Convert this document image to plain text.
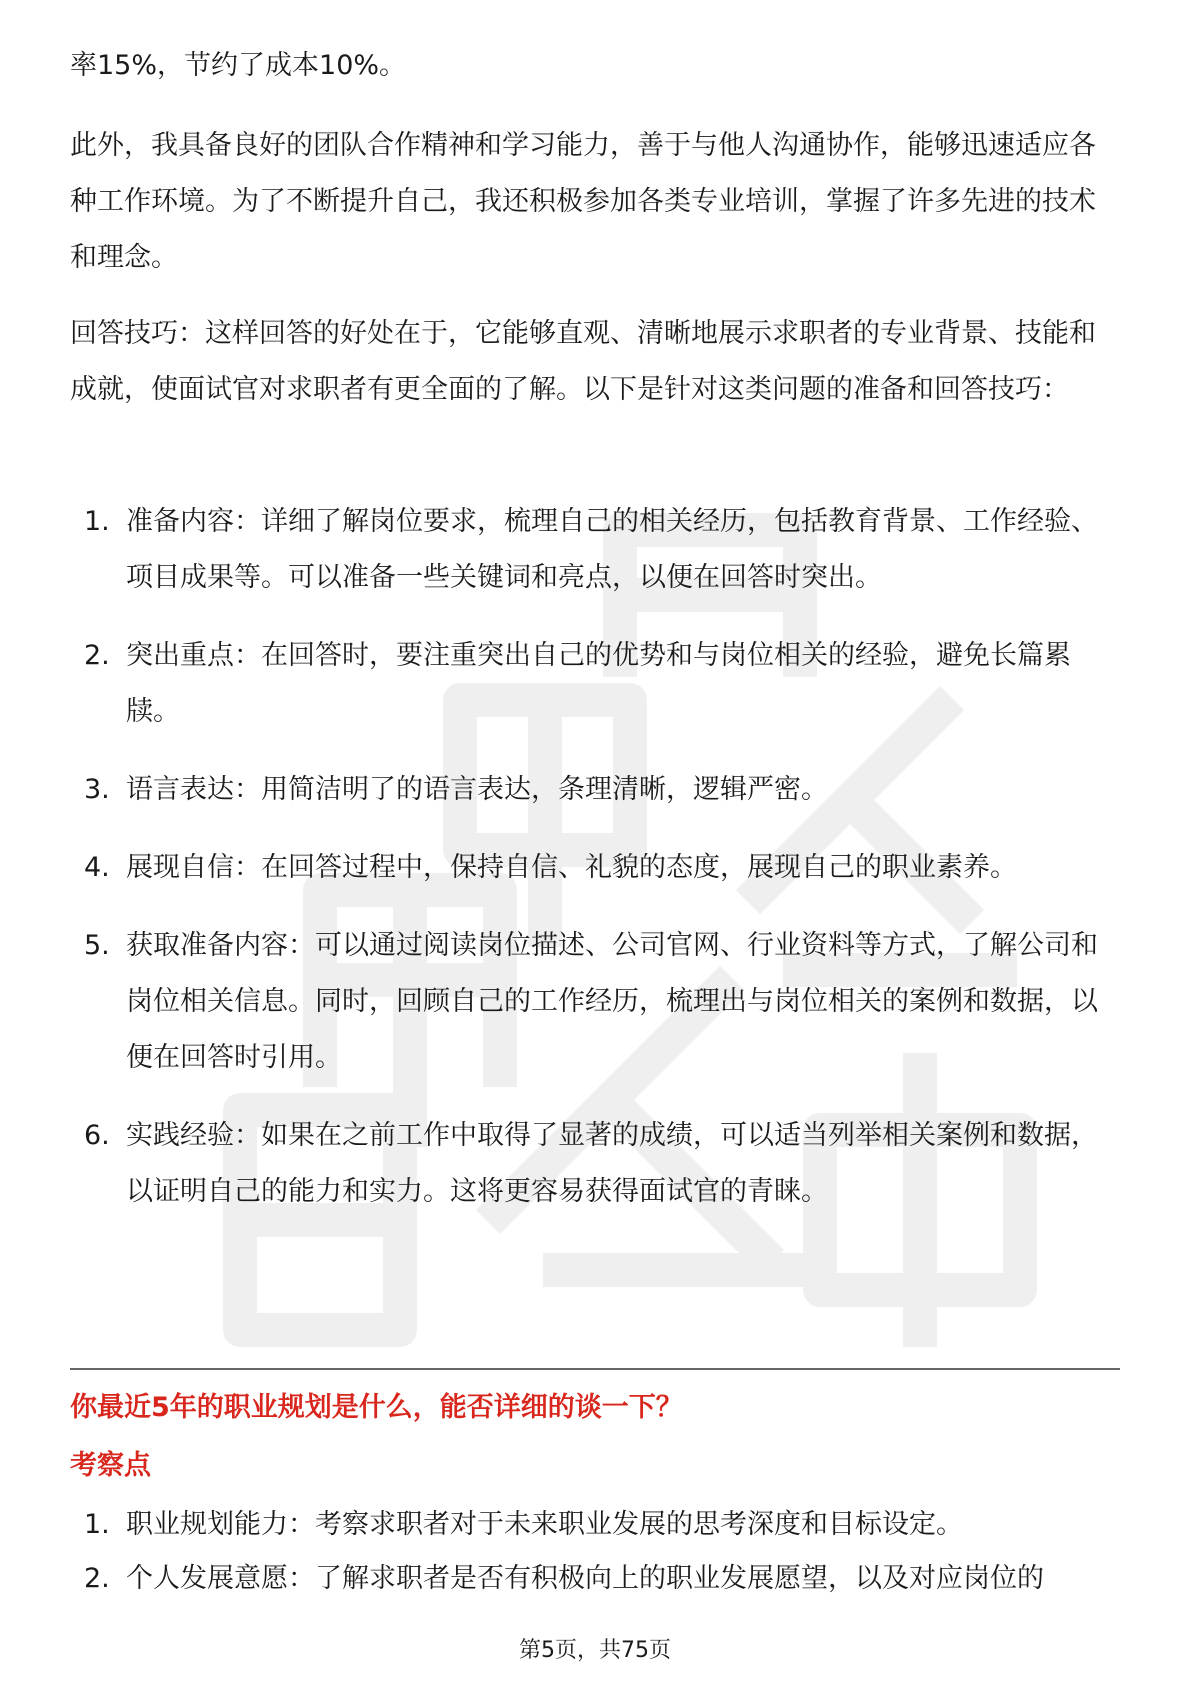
率15%，节约了成本10%。

此外，我具备良好的团队合作精神和学习能力，善于与他人沟通协作，能够迅速适应各种工作环境。为了不断提升自己，我还积极参加各类专业培训，掌握了许多先进的技术和理念。

回答技巧：这样回答的好处在于，它能够直观、清晰地展示求职者的专业背景、技能和成就，使面试官对求职者有更全面的了解。以下是针对这类问题的准备和回答技巧：

1. 准备内容：详细了解岗位要求，梳理自己的相关经历，包括教育背景、工作经验、项目成果等。可以准备一些关键词和亮点，以便在回答时突出。
2. 突出重点：在回答时，要注重突出自己的优势和与岗位相关的经验，避免长篇累牍。
3. 语言表达：用简洁明了的语言表达，条理清晰，逻辑严密。
4. 展现自信：在回答过程中，保持自信、礼貌的态度，展现自己的职业素养。
5. 获取准备内容：可以通过阅读岗位描述、公司官网、行业资料等方式，了解公司和岗位相关信息。同时，回顾自己的工作经历，梳理出与岗位相关的案例和数据，以便在回答时引用。
6. 实践经验：如果在之前工作中取得了显著的成绩，可以适当列举相关案例和数据，以证明自己的能力和实力。这将更容易获得面试官的青睐。
你最近5年的职业规划是什么，能否详细的谈一下？
考察点
1. 职业规划能力：考察求职者对于未来职业发展的思考深度和目标设定。
2. 个人发展意愿：了解求职者是否有积极向上的职业发展愿望，以及对应岗位的
第5页，共75页
